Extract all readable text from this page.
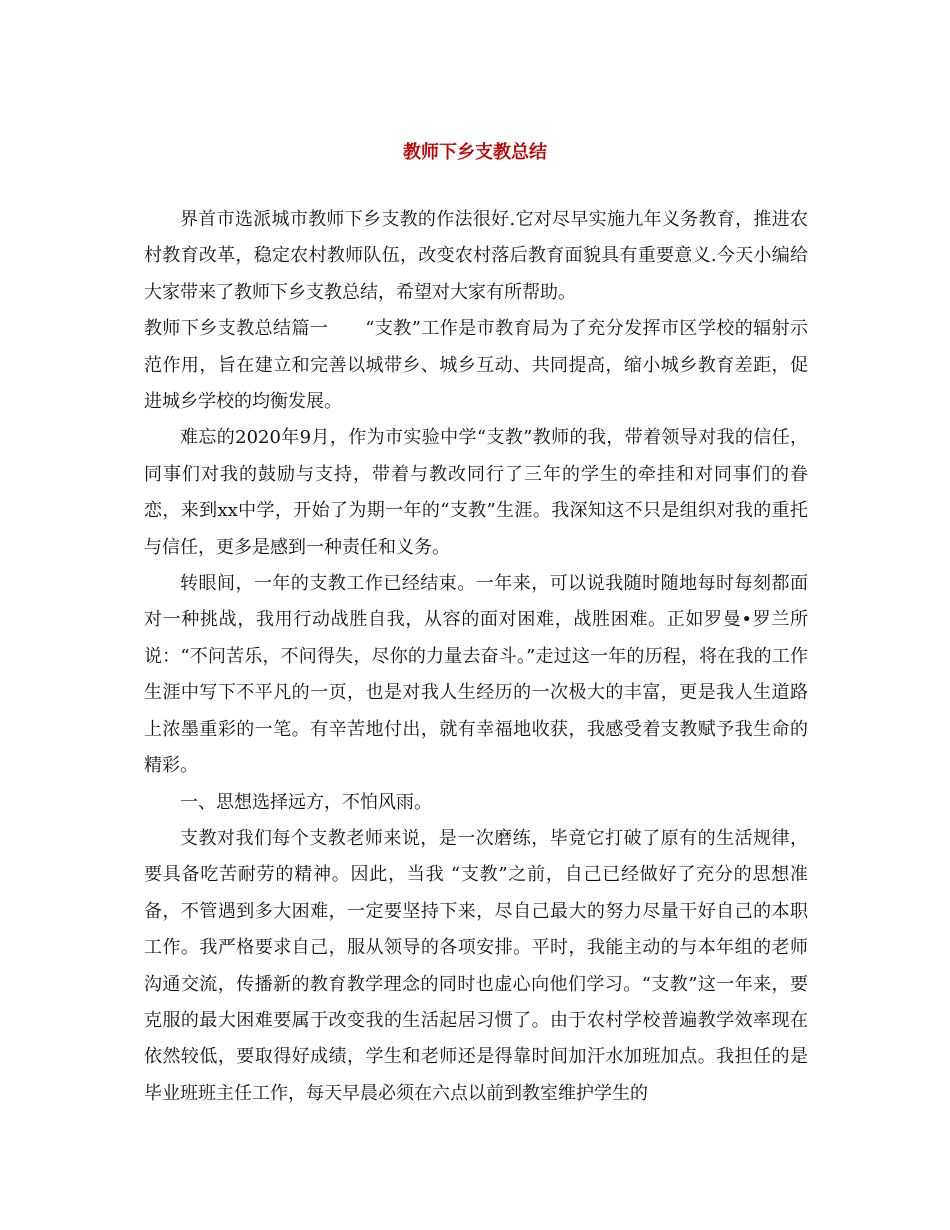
教师下乡支教总结

界首市选派城市教师下乡支教的作法很好.它对尽早实施九年义务教育，推进农村教育改革，稳定农村教师队伍，改变农村落后教育面貌具有重要意义.今天小编给大家带来了教师下乡支教总结，希望对大家有所帮助。

教师下乡支教总结篇一　　“支教”工作是市教育局为了充分发挥市区学校的辐射示范作用，旨在建立和完善以城带乡、城乡互动、共同提高，缩小城乡教育差距，促进城乡学校的均衡发展。

难忘的2020年9月，作为市实验中学“支教”教师的我，带着领导对我的信任，同事们对我的鼓励与支持，带着与教改同行了三年的学生的牵挂和对同事们的眷恋，来到xx中学，开始了为期一年的“支教”生涯。我深知这不只是组织对我的重托与信任，更多是感到一种责任和义务。

转眼间，一年的支教工作已经结束。一年来，可以说我随时随地每时每刻都面对一种挑战，我用行动战胜自我，从容的面对困难，战胜困难。正如罗曼•罗兰所说：“不问苦乐，不问得失，尽你的力量去奋斗。”走过这一年的历程，将在我的工作生涯中写下不平凡的一页，也是对我人生经历的一次极大的丰富，更是我人生道路上浓墨重彩的一笔。有辛苦地付出，就有幸福地收获，我感受着支教赋予我生命的精彩。

一、思想选择远方，不怕风雨。

支教对我们每个支教老师来说，是一次磨练，毕竟它打破了原有的生活规律，要具备吃苦耐劳的精神。因此，当我 “支教”之前，自己已经做好了充分的思想准备，不管遇到多大困难，一定要坚持下来，尽自己最大的努力尽量干好自己的本职工作。我严格要求自己，服从领导的各项安排。平时，我能主动的与本年组的老师沟通交流，传播新的教育教学理念的同时也虚心向他们学习。“支教”这一年来，要克服的最大困难要属于改变我的生活起居习惯了。由于农村学校普遍教学效率现在依然较低，要取得好成绩，学生和老师还是得靠时间加汗水加班加点。我担任的是毕业班班主任工作，每天早晨必须在六点以前到教室维护学生的
